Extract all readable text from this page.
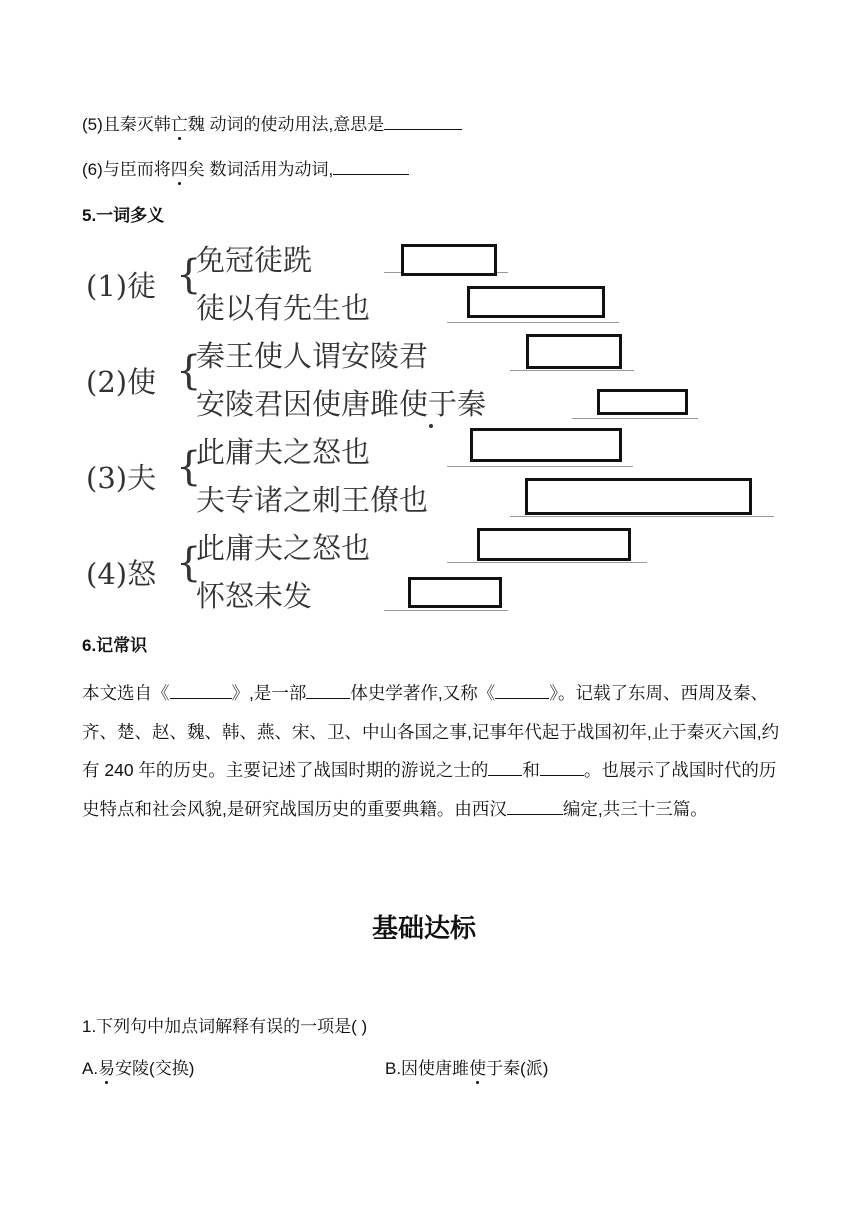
(5)且秦灭韩亡魏 动词的使动用法,意思是
(6)与臣而将四矣 数词活用为动词,
5.一词多义
(1)徒 {
免冠徒跣
徒以有先生也
(2)使 {
秦王使人谓安陵君
安陵君因使唐雎使于秦
(3)夫 {
此庸夫之怒也
夫专诸之刺王僚也
(4)怒 {
此庸夫之怒也
怀怒未发
6.记常识
本文选自《	》,是一部	体史学著作,又称《	》。记载了东周、西周及秦、齐、楚、赵、魏、韩、燕、宋、卫、中山各国之事,记事年代起于战国初年,止于秦灭六国,约有 240 年的历史。主要记述了战国时期的游说之士的 和	。也展示了战国时代的历史特点和社会风貌,是研究战国历史的重要典籍。由西汉	编定,共三十三篇。
基础达标
1.下列句中加点词解释有误的一项是( )
A.易安陵(交换)	B.因使唐雎使于秦(派)
